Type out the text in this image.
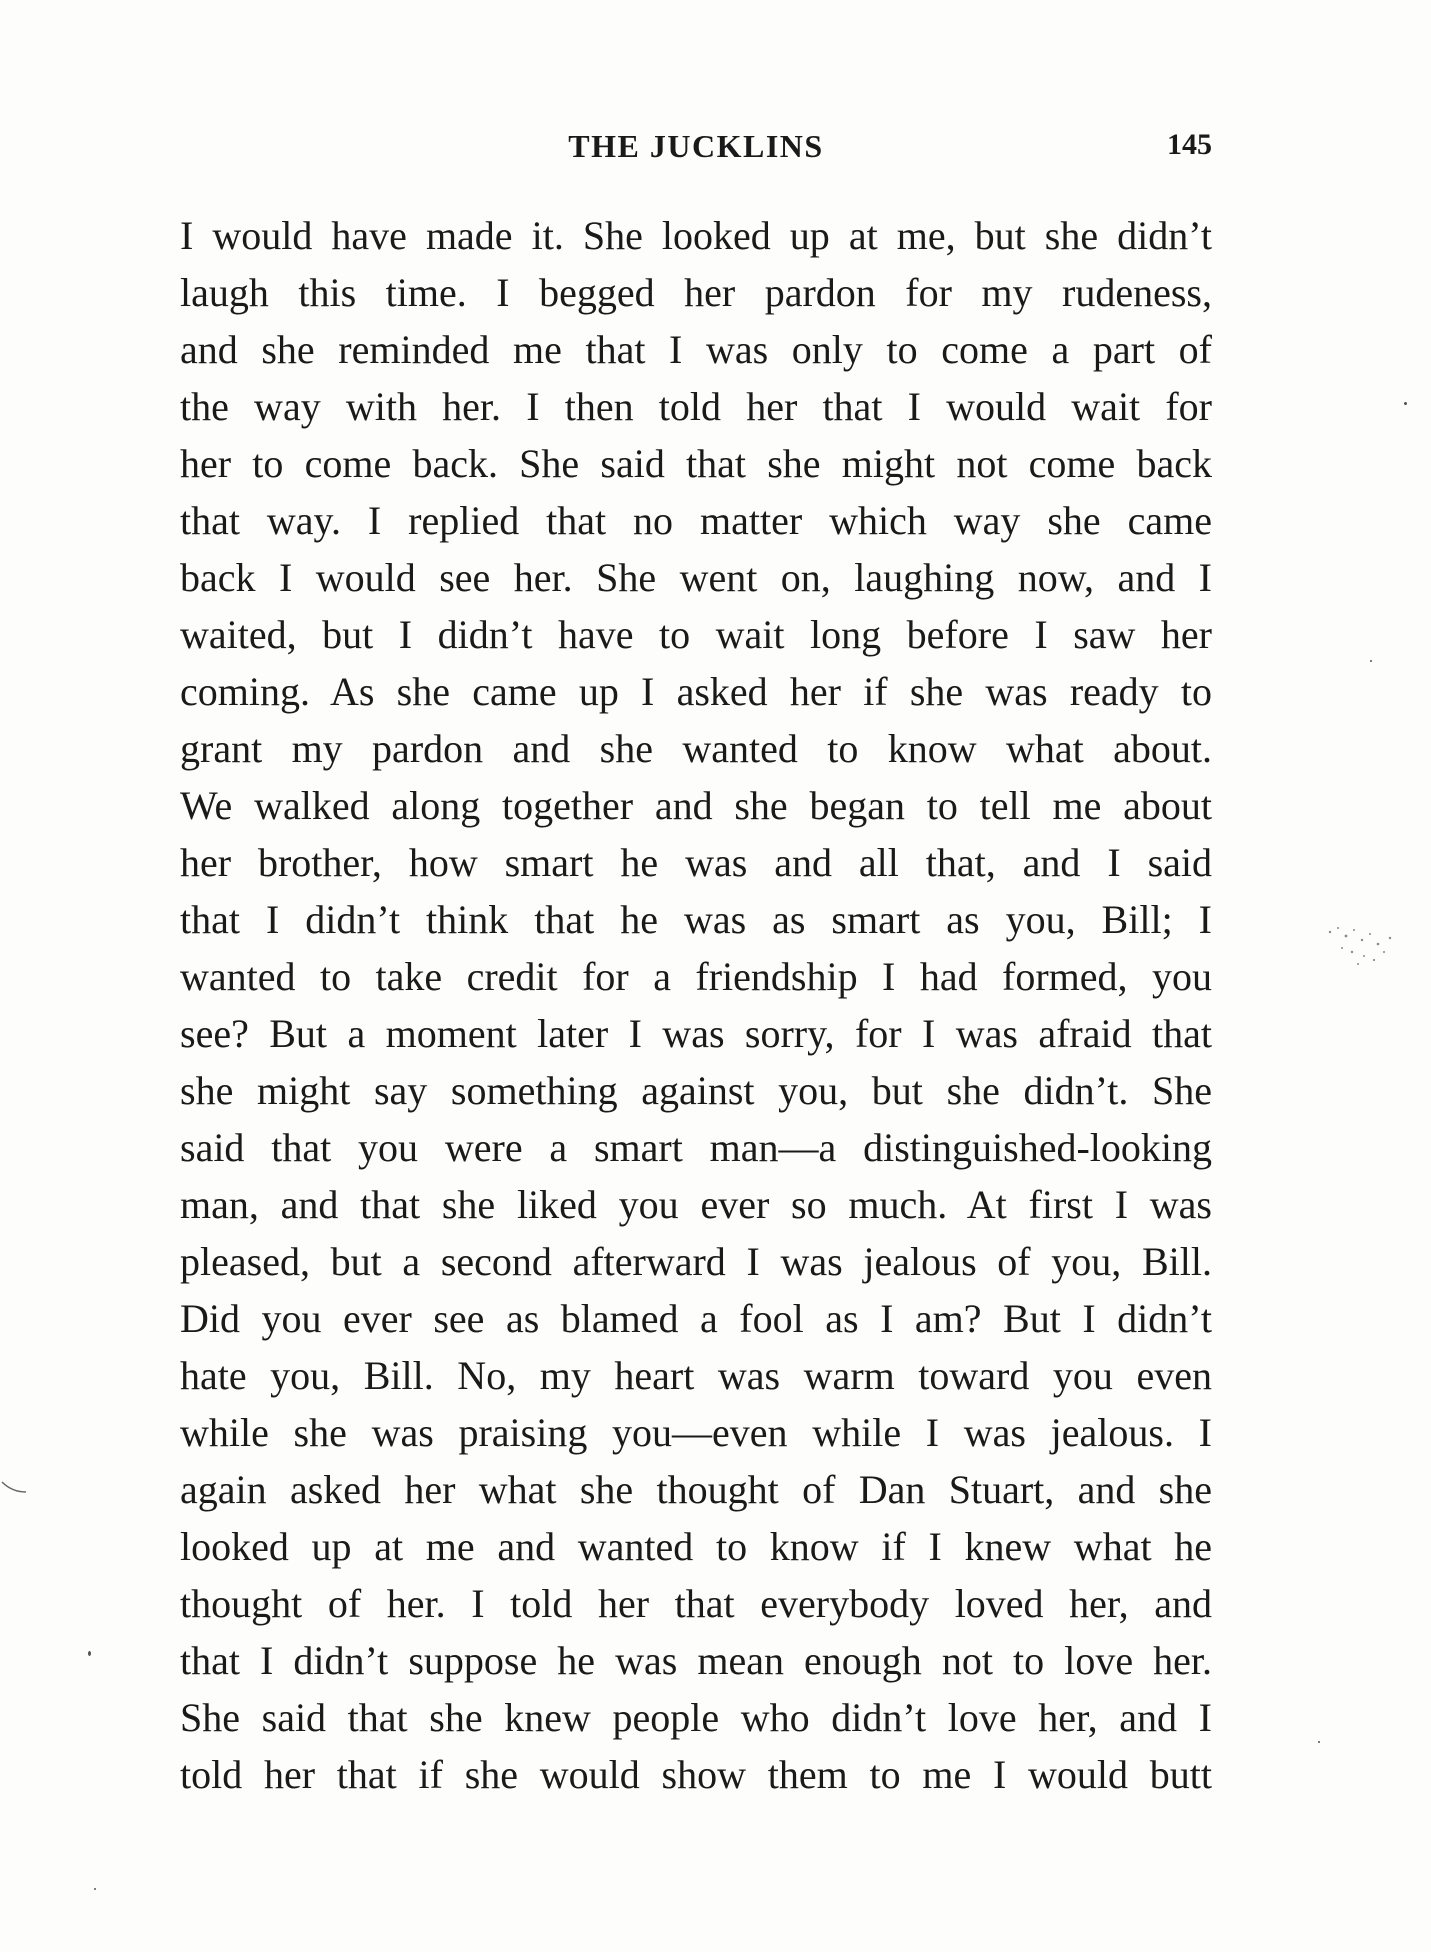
THE JUCKLINS	145
I would have made it. She looked up at me, but she didn’t
laugh this time. I begged her pardon for my rudeness,
and she reminded me that I was only to come a part of
the way with her. I then told her that I would wait for
her to come back. She said that she might not come back
that way. I replied that no matter which way she came
back I would see her. She went on, laughing now, and I
waited, but I didn’t have to wait long before I saw her
coming. As she came up I asked her if she was ready to
grant my pardon and she wanted to know what about.
We walked along together and she began to tell me about
her brother, how smart he was and all that, and I said
that I didn’t think that he was as smart as you, Bill; I
wanted to take credit for a friendship I had formed, you
see? But a moment later I was sorry, for I was afraid that
she might say something against you, but she didn’t. She
said that you were a smart man—a distinguished-looking
man, and that she liked you ever so much. At first I was
pleased, but a second afterward I was jealous of you, Bill.
Did you ever see as blamed a fool as I am? But I didn’t
hate you, Bill. No, my heart was warm toward you even
while she was praising you—even while I was jealous. I
again asked her what she thought of Dan Stuart, and she
looked up at me and wanted to know if I knew what he
thought of her. I told her that everybody loved her, and
that I didn’t suppose he was mean enough not to love her.
She said that she knew people who didn’t love her, and I
told her that if she would show them to me I would butt
